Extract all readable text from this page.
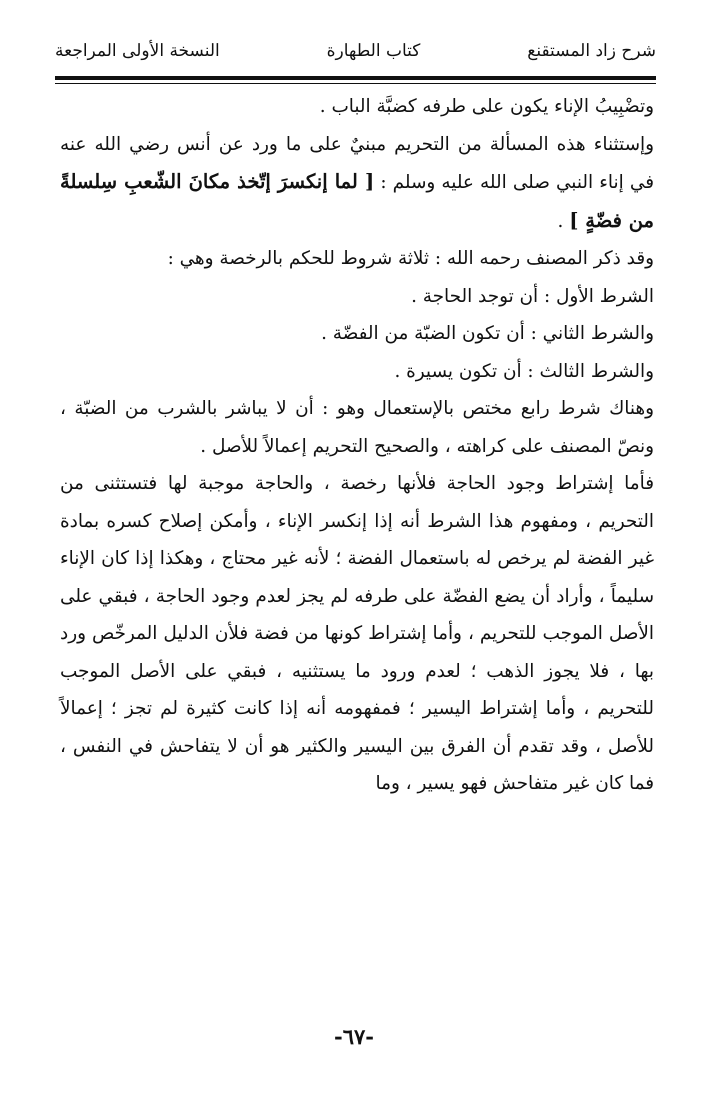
شرح زاد المستقنع
كتاب الطهارة
النسخة الأولى المراجعة

وتضْبِيبُ الإناء يكون على طرفه كضبَّة الباب .

وإستثناء هذه المسألة من التحريم مبنيٌ على ما ورد عن أنس رضي الله عنه في إناء النبي صلى الله عليه وسلم : [ لما إنكسرَ إتّخذ مكانَ الشّعبِ سِلسلةً من فضّةٍ ] .

وقد ذكر المصنف رحمه الله : ثلاثة شروط للحكم بالرخصة وهي :

الشرط الأول : أن توجد الحاجة .

والشرط الثاني : أن تكون الضبّة من الفضّة .

والشرط الثالث : أن تكون يسيرة .

وهناك شرط رابع مختص بالإستعمال وهو : أن لا يباشر بالشرب من الضبّة ، ونصّ المصنف على كراهته ، والصحيح التحريم إعمالاً للأصل .

فأما إشتراط وجود الحاجة فلأنها رخصة ، والحاجة موجبة لها فتستثنى من التحريم ، ومفهوم هذا الشرط أنه إذا إنكسر الإناء ، وأمكن إصلاح كسره بمادة غير الفضة لم يرخص له باستعمال الفضة ؛ لأنه غير محتاج ، وهكذا إذا كان الإناء سليماً ، وأراد أن يضع الفضّة على طرفه لم يجز لعدم وجود الحاجة ، فبقي على الأصل الموجب للتحريم ، وأما إشتراط كونها من فضة فلأن الدليل المرخّص ورد بها ، فلا يجوز الذهب ؛ لعدم ورود ما يستثنيه ، فبقي على الأصل الموجب للتحريم ، وأما إشتراط اليسير ؛ فمفهومه أنه إذا كانت كثيرة لم تجز ؛ إعمالاً للأصل ، وقد تقدم أن الفرق بين اليسير والكثير هو أن لا يتفاحش في النفس ، فما كان غير متفاحش فهو يسير ، وما

-٦٧-
